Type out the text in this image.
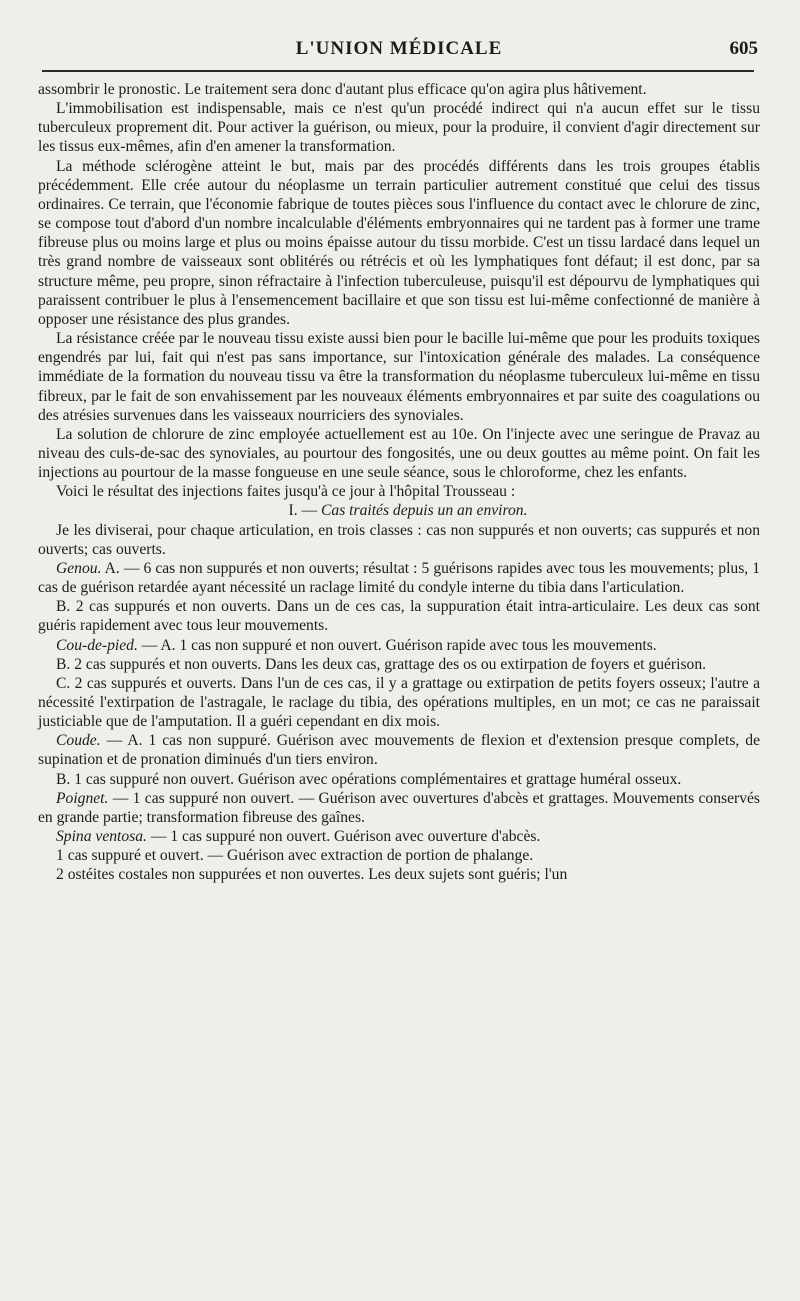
L'UNION MÉDICALE	605

assombrir le pronostic. Le traitement sera donc d'autant plus efficace qu'on agira plus hâtivement.

L'immobilisation est indispensable, mais ce n'est qu'un procédé indirect qui n'a aucun effet sur le tissu tuberculeux proprement dit. Pour activer la guérison, ou mieux, pour la produire, il convient d'agir directement sur les tissus eux-mêmes, afin d'en amener la transformation.

La méthode sclérogène atteint le but, mais par des procédés différents dans les trois groupes établis précédemment. Elle crée autour du néoplasme un terrain particulier autrement constitué que celui des tissus ordinaires. Ce terrain, que l'économie fabrique de toutes pièces sous l'influence du contact avec le chlorure de zinc, se compose tout d'abord d'un nombre incalculable d'éléments embryonnaires qui ne tardent pas à former une trame fibreuse plus ou moins large et plus ou moins épaisse autour du tissu morbide. C'est un tissu lardacé dans lequel un très grand nombre de vaisseaux sont oblitérés ou rétrécis et où les lymphatiques font défaut; il est donc, par sa structure même, peu propre, sinon réfractaire à l'infection tuberculeuse, puisqu'il est dépourvu de lymphatiques qui paraissent contribuer le plus à l'ensemencement bacillaire et que son tissu est lui-même confectionné de manière à opposer une résistance des plus grandes.

La résistance créée par le nouveau tissu existe aussi bien pour le bacille lui-même que pour les produits toxiques engendrés par lui, fait qui n'est pas sans importance, sur l'intoxication générale des malades. La conséquence immédiate de la formation du nouveau tissu va être la transformation du néoplasme tuberculeux lui-même en tissu fibreux, par le fait de son envahissement par les nouveaux éléments embryonnaires et par suite des coagulations ou des atrésies survenues dans les vaisseaux nourriciers des synoviales.

La solution de chlorure de zinc employée actuellement est au 10e. On l'injecte avec une seringue de Pravaz au niveau des culs-de-sac des synoviales, au pourtour des fongosités, une ou deux gouttes au même point. On fait les injections au pourtour de la masse fongueuse en une seule séance, sous le chloroforme, chez les enfants.

Voici le résultat des injections faites jusqu'à ce jour à l'hôpital Trousseau :

I. — Cas traités depuis un an environ.

Je les diviserai, pour chaque articulation, en trois classes : cas non suppurés et non ouverts; cas suppurés et non ouverts; cas ouverts.

Genou. A. — 6 cas non suppurés et non ouverts; résultat : 5 guérisons rapides avec tous les mouvements; plus, 1 cas de guérison retardée ayant nécessité un raclage limité du condyle interne du tibia dans l'articulation.

B. 2 cas suppurés et non ouverts. Dans un de ces cas, la suppuration était intra-articulaire. Les deux cas sont guéris rapidement avec tous leur mouvements.

Cou-de-pied. — A. 1 cas non suppuré et non ouvert. Guérison rapide avec tous les mouvements.

B. 2 cas suppurés et non ouverts. Dans les deux cas, grattage des os ou extirpation de foyers et guérison.

C. 2 cas suppurés et ouverts. Dans l'un de ces cas, il y a grattage ou extirpation de petits foyers osseux; l'autre a nécessité l'extirpation de l'astragale, le raclage du tibia, des opérations multiples, en un mot; ce cas ne paraissait justiciable que de l'amputation. Il a guéri cependant en dix mois.

Coude. — A. 1 cas non suppuré. Guérison avec mouvements de flexion et d'extension presque complets, de supination et de pronation diminués d'un tiers environ.

B. 1 cas suppuré non ouvert. Guérison avec opérations complémentaires et grattage huméral osseux.

Poignet. — 1 cas suppuré non ouvert. — Guérison avec ouvertures d'abcès et grattages. Mouvements conservés en grande partie; transformation fibreuse des gaînes.

Spina ventosa. — 1 cas suppuré non ouvert. Guérison avec ouverture d'abcès.

1 cas suppuré et ouvert. — Guérison avec extraction de portion de phalange.

2 ostéites costales non suppurées et non ouvertes. Les deux sujets sont guéris; l'un
